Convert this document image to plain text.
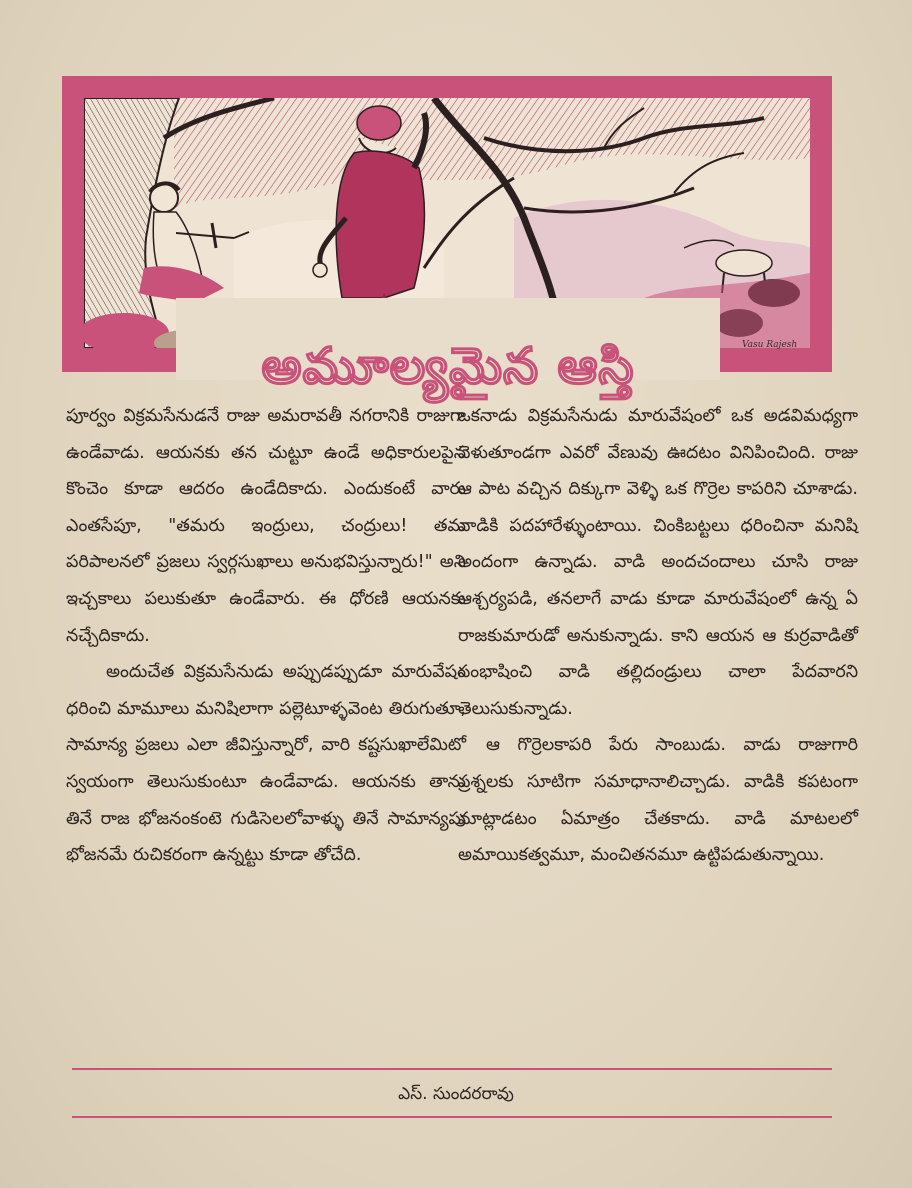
అమూల్యమైన ఆస్తి	Vasu Rajesh

పూర్వం విక్రమసేనుడనే రాజు అమరావతీ నగరానికి రాజుగా ఉండేవాడు. ఆయనకు తన చుట్టూ ఉండే అధికారులపైన కొంచెం కూడా ఆదరం ఉండేదికాదు. ఎందుకంటే వారు ఎంతసేపూ, "తమరు ఇంద్రులు, చంద్రులు! తమ పరిపాలనలో ప్రజలు స్వర్గసుఖాలు అనుభవిస్తున్నారు!" అని ఇచ్చకాలు పలుకుతూ ఉండేవారు. ఈ ధోరణి ఆయనకు నచ్చేదికాదు.

అందుచేత విక్రమసేనుడు అప్పుడప్పుడూ మారువేషం ధరించి మామూలు మనిషిలాగా పల్లెటూళ్ళవెంట తిరుగుతూ, సామాన్య ప్రజలు ఎలా జీవిస్తున్నారో, వారి కష్టసుఖాలేమిటో స్వయంగా తెలుసుకుంటూ ఉండేవాడు. ఆయనకు తాను తినే రాజ భోజనంకంటె గుడిసెలలోవాళ్ళు తినే సామాన్యపు భోజనమే రుచికరంగా ఉన్నట్టు కూడా తోచేది.

ఒకనాడు విక్రమసేనుడు మారువేషంలో ఒక అడవిమధ్యగా వెళుతూండగా ఎవరో వేణువు ఊదటం వినిపించింది. రాజు ఆ పాట వచ్చిన దిక్కుగా వెళ్ళి ఒక గొర్రెల కాపరిని చూశాడు. వాడికి పదహారేళ్ళుంటాయి. చింకిబట్టలు ధరించినా మనిషి అందంగా ఉన్నాడు. వాడి అందచందాలు చూసి రాజు ఆశ్చర్యపడి, తనలాగే వాడు కూడా మారువేషంలో ఉన్న ఏ రాజకుమారుడో అనుకున్నాడు. కాని ఆయన ఆ కుర్రవాడితో సంభాషించి వాడి తల్లిదండ్రులు చాలా పేదవారని తెలుసుకున్నాడు.

ఆ గొర్రెలకాపరి పేరు సాంబుడు. వాడు రాజుగారి ప్రశ్నలకు సూటిగా సమాధానాలిచ్చాడు. వాడికి కపటంగా మాట్లాడటం ఏమాత్రం చేతకాదు. వాడి మాటలలో అమాయికత్వమూ, మంచితనమూ ఉట్టిపడుతున్నాయి.

ఎస్. సుందరరావు
